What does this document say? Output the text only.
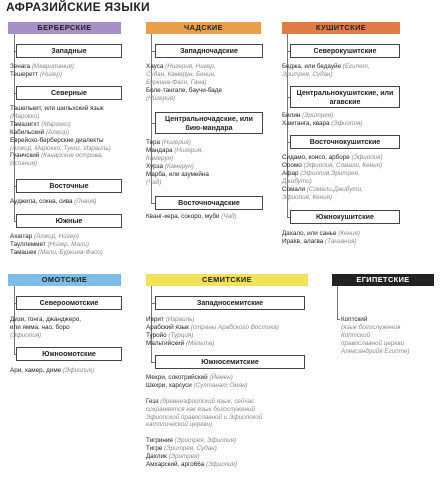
АФРАЗИЙСКИЕ ЯЗЫКИ
БЕРБЕРСКИЕ
Западные
Зенага (Мавритания)
Тешеретт (Нигер)
Северные
Ташелькит, или шильхский язык
(Марокко)
Тамазигхт (Марокко)
Кабильский (Алжир)
Еврейско-берберские диалекты
(Алжир, Марокко, Тунис, Израиль)
Гуанчский (Канарские острова,
Испания)
Восточные
Ауджила, сокна, сива (Ливия)
Южные
Ахаггар (Алжир, Нигер)
Тауллеммет (Нигер, Мали)
Тамашек (Мали, Буркина-Фасо)
ЧАДСКИЕ
Западночадские
Хауса (Нигерия, Нигер,
Судан, Камерун, Бенин,
Буркина-Фасо, Гана)
Болe-тангале, баучи-баде
(Нигерия)
Центральночадские, или бию-мандара
Тера (Нигерия)
Мандара (Нигерия,
Камерун)
Хурза (Камерун)
Марба, или азумейна
(Чад)
Восточночадские
Кванг-кера, сокоро, муби (Чад)
КУШИТСКИЕ
Северокушитские
Беджа, или бедауйе (Египет,
Эритрея, Судан)
Центральнокушитские, или агавские
Билин (Эритрея)
Хамтанга, квара (Эфиопия)
Восточнокушитские
Сидамо, консо, арборе (Эфиопия)
Оромо (Эфиопия, Сомали, Кения)
Афар (Эфиопия,Эритрея,
Джибути)
Сомали (Сомали,Джибути,
Эфиопия, Кения)
Южнокушитские
Дахало, или санье (Кения)
Ираkв, алагва (Танзания)
ОМОТСКИЕ
Североомотские
Дизи, гонга, джанджеро,
или ямма, нао, боро
(Эфиопия)
Южноомотские
Ари, хамер, диме (Эфиопия)
СЕМИТСКИЕ
Западносемитские
Иврит (Израиль)
Арабский язык (страны Арабского Востока)
Туройо (Турция)
Мальтийский (Мальта)
Южносемитские
Мехри, сокотрийский (Йемен)
Шехри, харсуси (Султанат Оман)

Геэз (древнеэфиопский язык, сейчас
сохраняется как язык богослужений
Эфиопской православной и Эфиопской
католической церкви)

Тигриния (Эритрея, Эфиопия)
Тигре (Эритрея, Судан)
Дахлик (Эритрея)
Амхарский, арго66а (Эфиопия)
ЕГИПЕТСКИЕ
Коптский
(язык богослужения
Коптской
православной церкви
Александрийя Египте)
